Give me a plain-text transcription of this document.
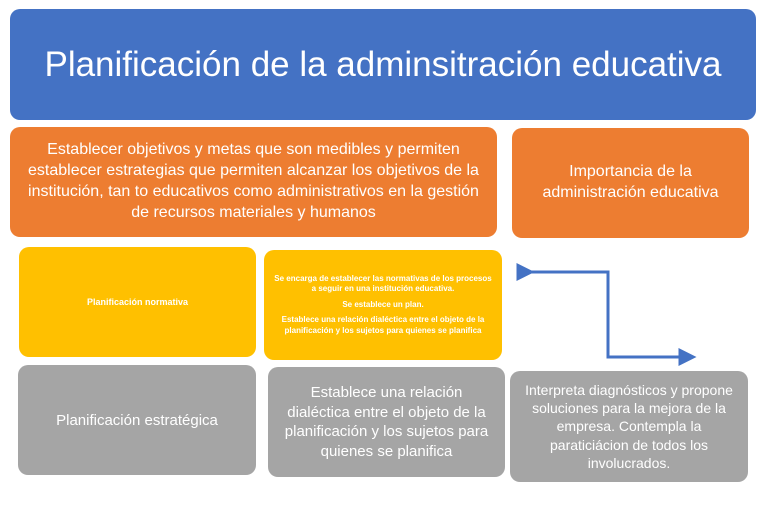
Planificación de la adminsitración educativa
Establecer objetivos y metas que son medibles y permiten establecer estrategias que permiten alcanzar los objetivos de la institución, tan to educativos como administrativos en la gestión de recursos materiales y humanos
Importancia de la administración educativa
Planificación normativa

Se encarga de establecer las normativas de los procesos a seguir en una institución educativa.

Se establece un plan.

Establece una relación dialéctica entre el objeto de la planificación y los sujetos para quienes se planifica

Planificación estratégica
Establece una relación dialéctica entre el objeto de la planificación y los sujetos para quienes se planifica
Interpreta diagnósticos y propone soluciones para la mejora de la empresa. Contempla la paraticiácion de todos los involucrados.
